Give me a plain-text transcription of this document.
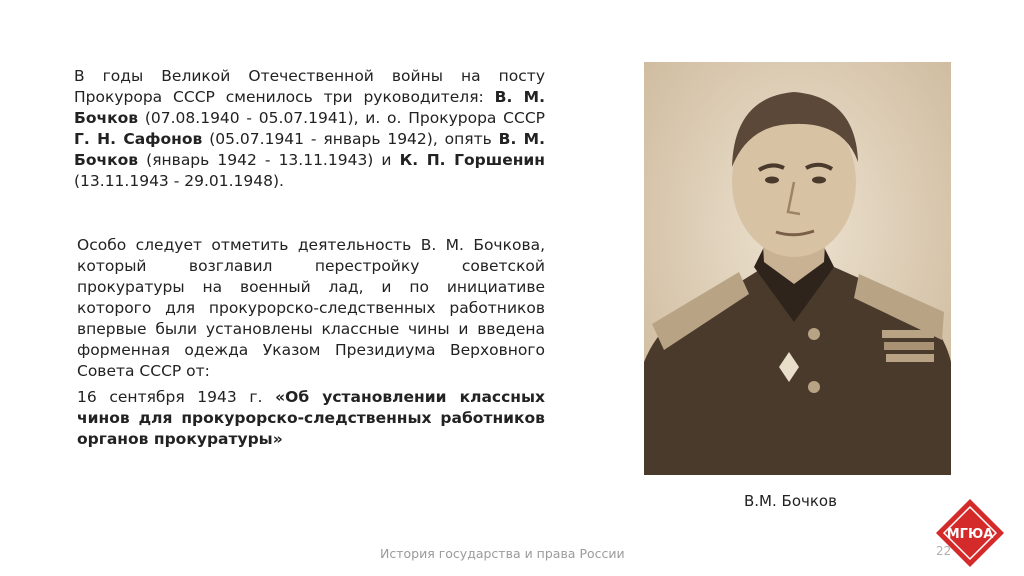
В годы Великой Отечественной войны на посту Прокурора СССР сменилось три руководителя: В. М. Бочков (07.08.1940 - 05.07.1941), и. о. Прокурора СССР Г. Н. Сафонов (05.07.1941 - январь 1942), опять В. М. Бочков (январь 1942 - 13.11.1943) и К. П. Горшенин (13.11.1943 - 29.01.1948).
Особо следует отметить деятельность В. М. Бочкова, который возглавил перестройку советской прокуратуры на военный лад, и по инициативе которого для прокурорско-следственных работников впервые были установлены классные чины и введена форменная одежда Указом Президиума Верховного Совета СССР от:
16 сентября 1943 г. «Об установлении классных чинов для прокурорско-следственных работников органов прокуратуры»
В.М. Бочков
История государства и права России	22
МГЮА
